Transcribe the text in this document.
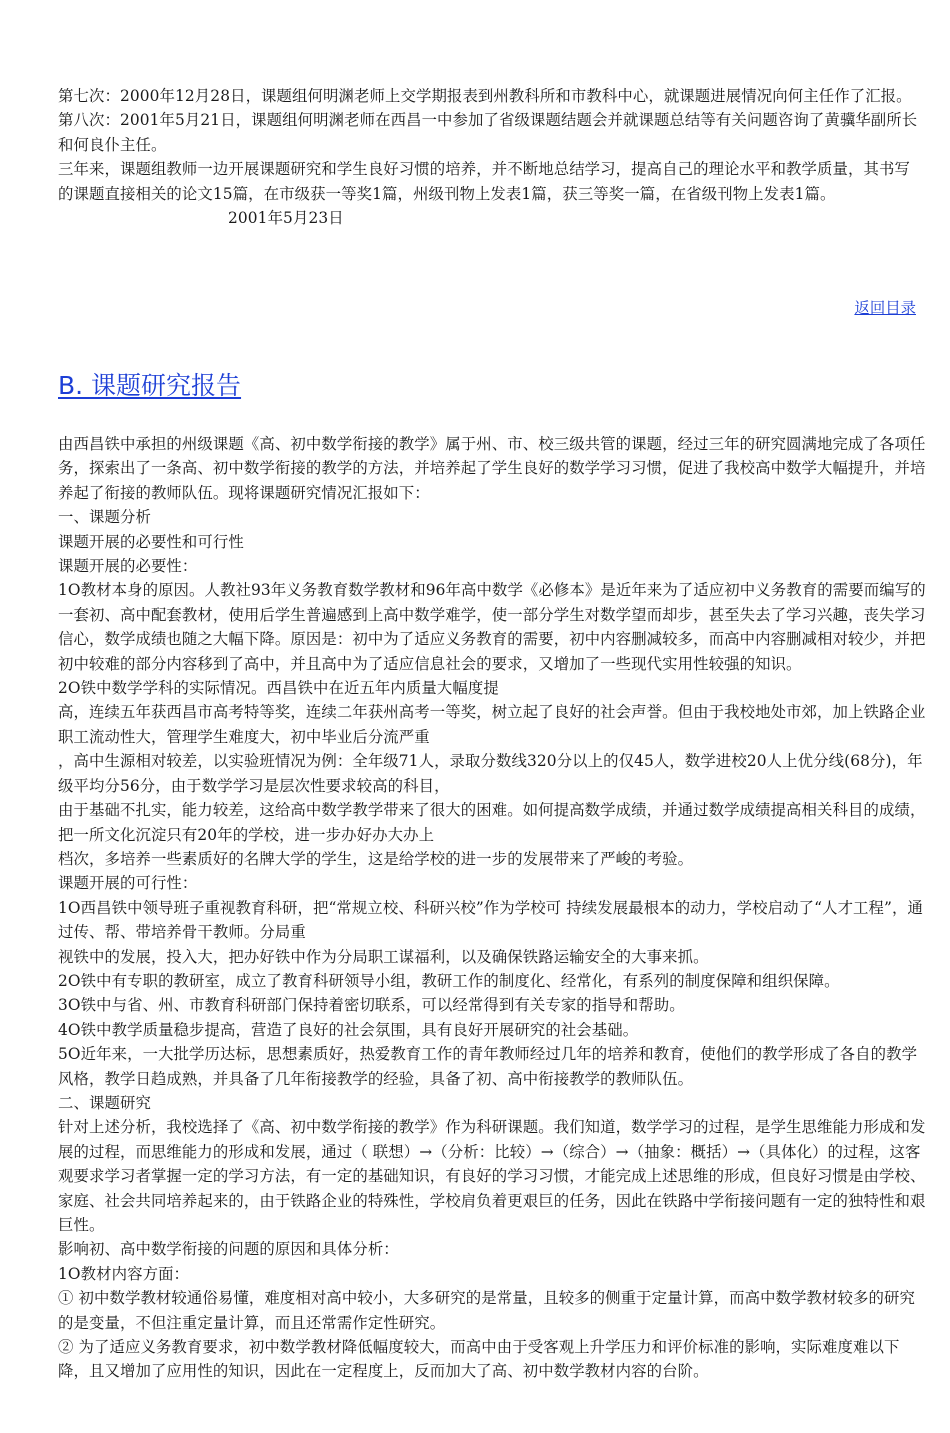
第七次：2000年12月28日，课题组何明渊老师上交学期报表到州教科所和市教科中心，就课题进展情况向何主任作了汇报。

第八次：2001年5月21日，课题组何明渊老师在西昌一中参加了省级课题结题会并就课题总结等有关问题咨询了黄骥华副所长和何良仆主任。

三年来，课题组教师一边开展课题研究和学生良好习惯的培养，并不断地总结学习，提高自己的理论水平和教学质量，其书写的课题直接相关的论文15篇，在市级获一等奖1篇，州级刊物上发表1篇，获三等奖一篇，在省级刊物上发表1篇。2001年5月23日

返回目录
B. 课题研究报告

由西昌铁中承担的州级课题《高、初中数学衔接的教学》属于州、市、校三级共管的课题，经过三年的研究圆满地完成了各项任务，探索出了一条高、初中数学衔接的教学的方法，并培养起了学生良好的数学学习习惯，促进了我校高中数学大幅提升，并培养起了衔接的教师队伍。现将课题研究情况汇报如下：

一、课题分析

课题开展的必要性和可行性

课题开展的必要性：

1O教材本身的原因。人教社93年义务教育数学教材和96年高中数学《必修本》是近年来为了适应初中义务教育的需要而编写的一套初、高中配套教材，使用后学生普遍感到上高中数学难学，使一部分学生对数学望而却步，甚至失去了学习兴趣，丧失学习信心，数学成绩也随之大幅下降。原因是：初中为了适应义务教育的需要，初中内容删减较多，而高中内容删减相对较少，并把初中较难的部分内容移到了高中，并且高中为了适应信息社会的要求，又增加了一些现代实用性较强的知识。

2O铁中数学学科的实际情况。西昌铁中在近五年内质量大幅度提

高，连续五年获西昌市高考特等奖，连续二年获州高考一等奖，树立起了良好的社会声誉。但由于我校地处市郊，加上铁路企业职工流动性大，管理学生难度大，初中毕业后分流严重

，高中生源相对较差，以实验班情况为例：全年级71人，录取分数线320分以上的仅45人，数学进校20人上优分线(68分)，年级平均分56分，由于数学学习是层次性要求较高的科目，

由于基础不扎实，能力较差，这给高中数学教学带来了很大的困难。如何提高数学成绩，并通过数学成绩提高相关科目的成绩，把一所文化沉淀只有20年的学校，进一步办好办大办上

档次，多培养一些素质好的名牌大学的学生，这是给学校的进一步的发展带来了严峻的考验。

课题开展的可行性：

1O西昌铁中领导班子重视教育科研，把“常规立校、科研兴校”作为学校可 持续发展最根本的动力，学校启动了“人才工程”，通过传、帮、带培养骨干教师。分局重

视铁中的发展，投入大，把办好铁中作为分局职工谋福利，以及确保铁路运输安全的大事来抓。

2O铁中有专职的教研室，成立了教育科研领导小组，教研工作的制度化、经常化，有系列的制度保障和组织保障。

3O铁中与省、州、市教育科研部门保持着密切联系，可以经常得到有关专家的指导和帮助。

4O铁中教学质量稳步提高，营造了良好的社会氛围，具有良好开展研究的社会基础。

5O近年来，一大批学历达标，思想素质好，热爱教育工作的青年教师经过几年的培养和教育，使他们的教学形成了各自的教学风格，教学日趋成熟，并具备了几年衔接教学的经验，具备了初、高中衔接教学的教师队伍。

二、课题研究

针对上述分析，我校选择了《高、初中数学衔接的教学》作为科研课题。我们知道，数学学习的过程，是学生思维能力形成和发展的过程，而思维能力的形成和发展，通过（ 联想）→（分析：比较）→（综合）→（抽象：概括）→（具体化）的过程，这客观要求学习者掌握一定的学习方法，有一定的基础知识，有良好的学习习惯，才能完成上述思维的形成，但良好习惯是由学校、家庭、社会共同培养起来的，由于铁路企业的特殊性，学校肩负着更艰巨的任务，因此在铁路中学衔接问题有一定的独特性和艰巨性。

影响初、高中数学衔接的问题的原因和具体分析：

1O教材内容方面：

① 初中数学教材较通俗易懂，难度相对高中较小，大多研究的是常量，且较多的侧重于定量计算，而高中数学教材较多的研究的是变量，不但注重定量计算，而且还常需作定性研究。

② 为了适应义务教育要求，初中数学教材降低幅度较大，而高中由于受客观上升学压力和评价标准的影响，实际难度难以下降，且又增加了应用性的知识，因此在一定程度上，反而加大了高、初中数学教材内容的台阶。
